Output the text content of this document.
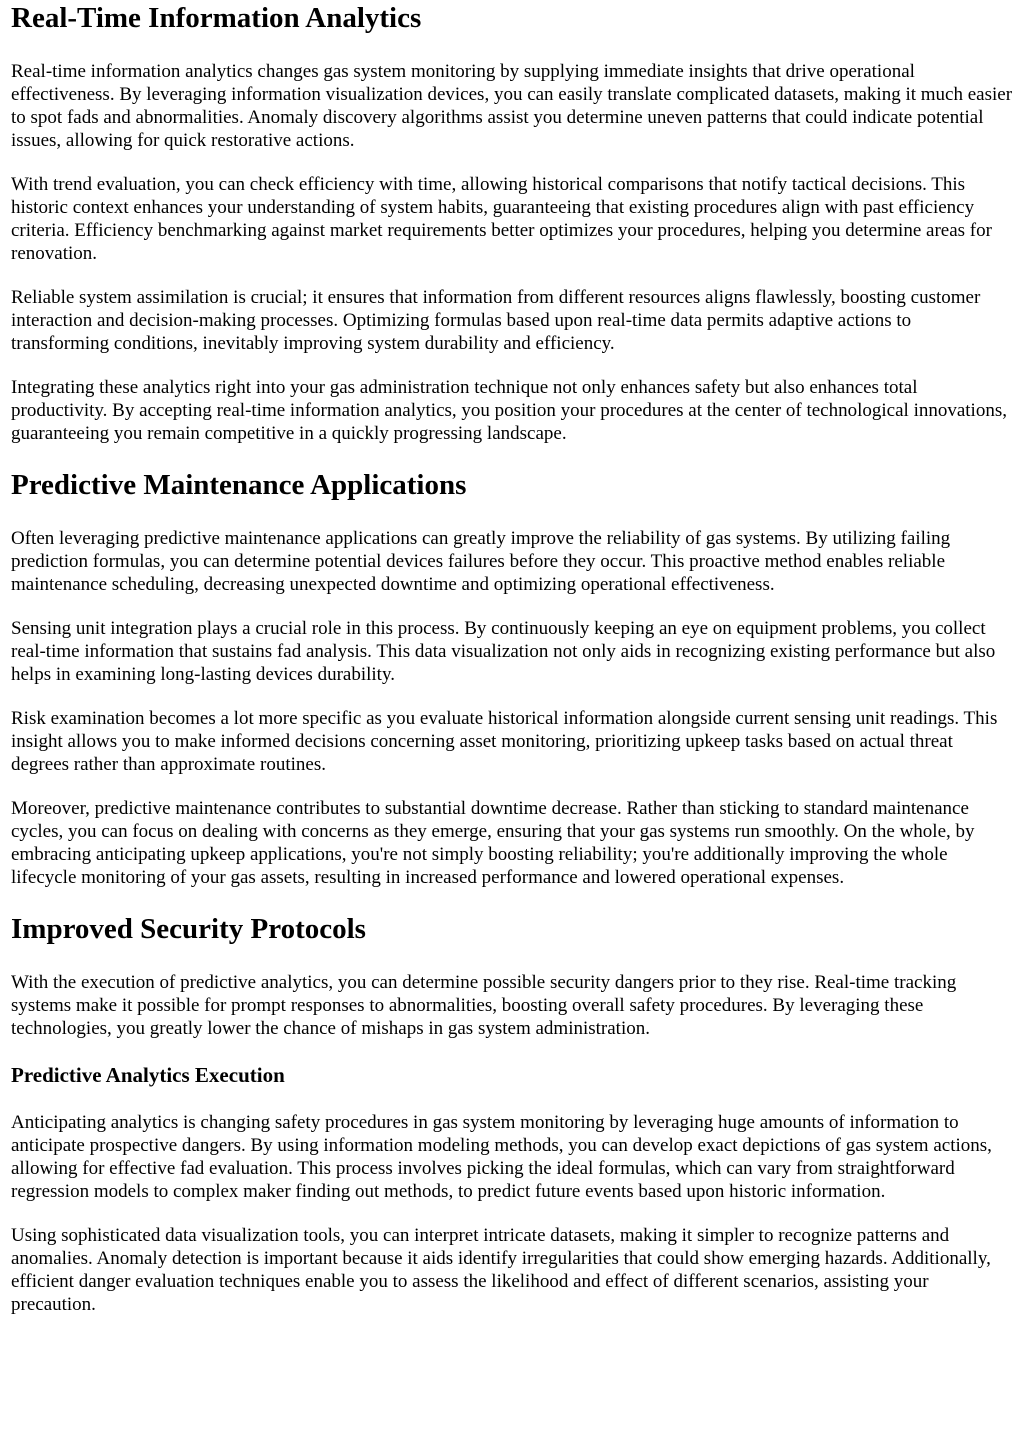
Real-Time Information Analytics

Real-time information analytics changes gas system monitoring by supplying immediate insights that drive operational effectiveness. By leveraging information visualization devices, you can easily translate complicated datasets, making it much easier to spot fads and abnormalities. Anomaly discovery algorithms assist you determine uneven patterns that could indicate potential issues, allowing for quick restorative actions.

With trend evaluation, you can check efficiency with time, allowing historical comparisons that notify tactical decisions. This historic context enhances your understanding of system habits, guaranteeing that existing procedures align with past efficiency criteria. Efficiency benchmarking against market requirements better optimizes your procedures, helping you determine areas for renovation.

Reliable system assimilation is crucial; it ensures that information from different resources aligns flawlessly, boosting customer interaction and decision-making processes. Optimizing formulas based upon real-time data permits adaptive actions to transforming conditions, inevitably improving system durability and efficiency.

Integrating these analytics right into your gas administration technique not only enhances safety but also enhances total productivity. By accepting real-time information analytics, you position your procedures at the center of technological innovations, guaranteeing you remain competitive in a quickly progressing landscape.

Predictive Maintenance Applications

Often leveraging predictive maintenance applications can greatly improve the reliability of gas systems. By utilizing failing prediction formulas, you can determine potential devices failures before they occur. This proactive method enables reliable maintenance scheduling, decreasing unexpected downtime and optimizing operational effectiveness.

Sensing unit integration plays a crucial role in this process. By continuously keeping an eye on equipment problems, you collect real-time information that sustains fad analysis. This data visualization not only aids in recognizing existing performance but also helps in examining long-lasting devices durability.

Risk examination becomes a lot more specific as you evaluate historical information alongside current sensing unit readings. This insight allows you to make informed decisions concerning asset monitoring, prioritizing upkeep tasks based on actual threat degrees rather than approximate routines.

Moreover, predictive maintenance contributes to substantial downtime decrease. Rather than sticking to standard maintenance cycles, you can focus on dealing with concerns as they emerge, ensuring that your gas systems run smoothly. On the whole, by embracing anticipating upkeep applications, you're not simply boosting reliability; you're additionally improving the whole lifecycle monitoring of your gas assets, resulting in increased performance and lowered operational expenses.

Improved Security Protocols

With the execution of predictive analytics, you can determine possible security dangers prior to they rise. Real-time tracking systems make it possible for prompt responses to abnormalities, boosting overall safety procedures. By leveraging these technologies, you greatly lower the chance of mishaps in gas system administration.

Predictive Analytics Execution

Anticipating analytics is changing safety procedures in gas system monitoring by leveraging huge amounts of information to anticipate prospective dangers. By using information modeling methods, you can develop exact depictions of gas system actions, allowing for effective fad evaluation. This process involves picking the ideal formulas, which can vary from straightforward regression models to complex maker finding out methods, to predict future events based upon historic information.

Using sophisticated data visualization tools, you can interpret intricate datasets, making it simpler to recognize patterns and anomalies. Anomaly detection is important because it aids identify irregularities that could show emerging hazards. Additionally, efficient danger evaluation techniques enable you to assess the likelihood and effect of different scenarios, assisting your precaution.
